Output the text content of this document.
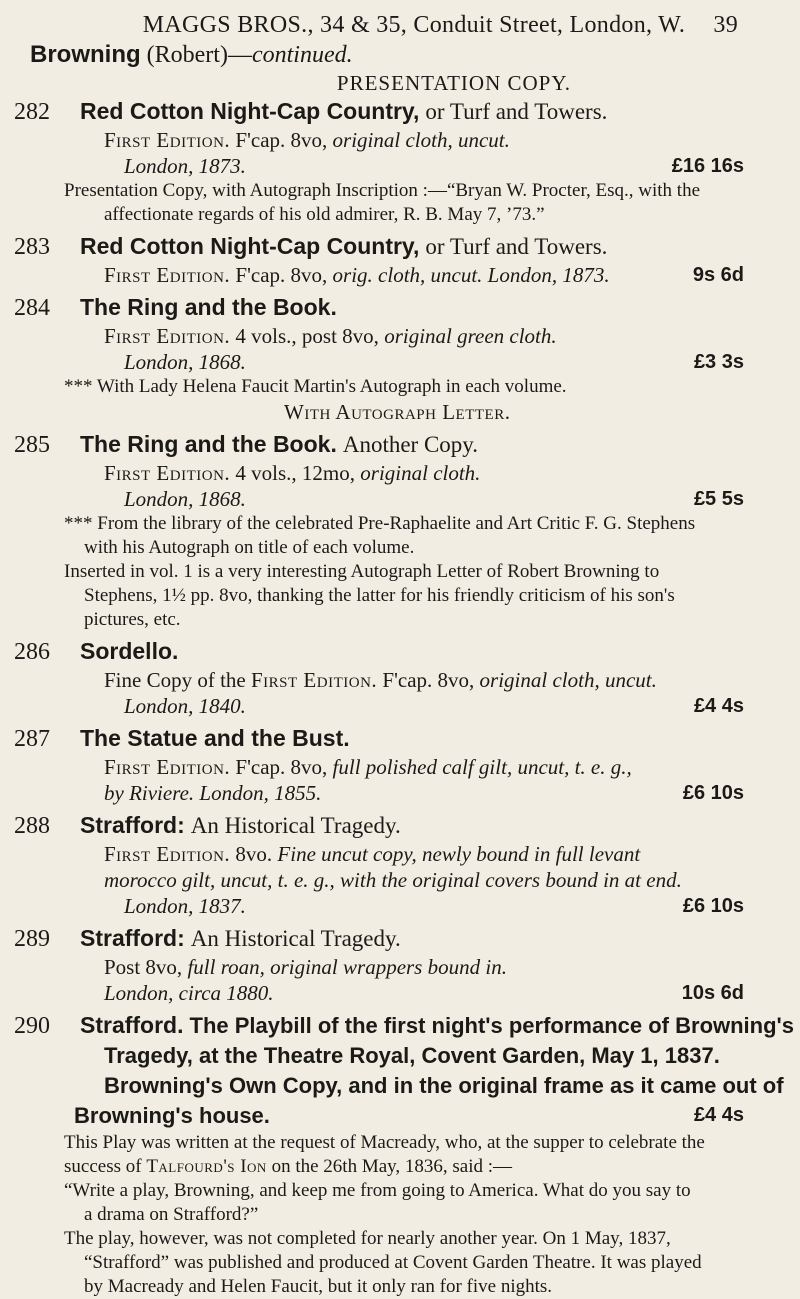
MAGGS BROS., 34 & 35, Conduit Street, London, W. 39
Browning (Robert)—continued.
PRESENTATION COPY.
282 Red Cotton Night-Cap Country, or Turf and Towers.
First Edition. F'cap. 8vo, original cloth, uncut.
London, 1873.	£16 16s
Presentation Copy, with Autograph Inscription :—“Bryan W. Procter, Esq., with the
affectionate regards of his old admirer, R. B. May 7, ’73.”
283 Red Cotton Night-Cap Country, or Turf and Towers.
First Edition. F'cap. 8vo, orig. cloth, uncut. London, 1873.	9s 6d
284 The Ring and the Book.
First Edition. 4 vols., post 8vo, original green cloth.
London, 1868.	£3 3s
*** With Lady Helena Faucit Martin's Autograph in each volume.
With Autograph Letter.
285 The Ring and the Book. Another Copy.
First Edition. 4 vols., 12mo, original cloth.
London, 1868.	£5 5s
*** From the library of the celebrated Pre-Raphaelite and Art Critic F. G. Stephens
with his Autograph on title of each volume.
Inserted in vol. 1 is a very interesting Autograph Letter of Robert Browning to
Stephens, 1½ pp. 8vo, thanking the latter for his friendly criticism of his son's
pictures, etc.
286 Sordello.
Fine Copy of the First Edition. F'cap. 8vo, original cloth, uncut.
London, 1840.	£4 4s
287 The Statue and the Bust.
First Edition. F'cap. 8vo, full polished calf gilt, uncut, t. e. g.,
by Riviere. London, 1855.	£6 10s
288 Strafford: An Historical Tragedy.
First Edition. 8vo. Fine uncut copy, newly bound in full levant
morocco gilt, uncut, t. e. g., with the original covers bound in at end.
London, 1837.	£6 10s
289 Strafford: An Historical Tragedy.
Post 8vo, full roan, original wrappers bound in.
London, circa 1880.	10s 6d
290 Strafford. The Playbill of the first night's performance of Browning's
Tragedy, at the Theatre Royal, Covent Garden, May 1, 1837.
Browning's Own Copy, and in the original frame as it came out of
Browning's house.	£4 4s
This Play was written at the request of Macready, who, at the supper to celebrate the
success of Talfourd's Ion on the 26th May, 1836, said :—
“Write a play, Browning, and keep me from going to America. What do you say to
a drama on Strafford?”
The play, however, was not completed for nearly another year. On 1 May, 1837,
“Strafford” was published and produced at Covent Garden Theatre. It was played
by Macready and Helen Faucit, but it only ran for five nights.
